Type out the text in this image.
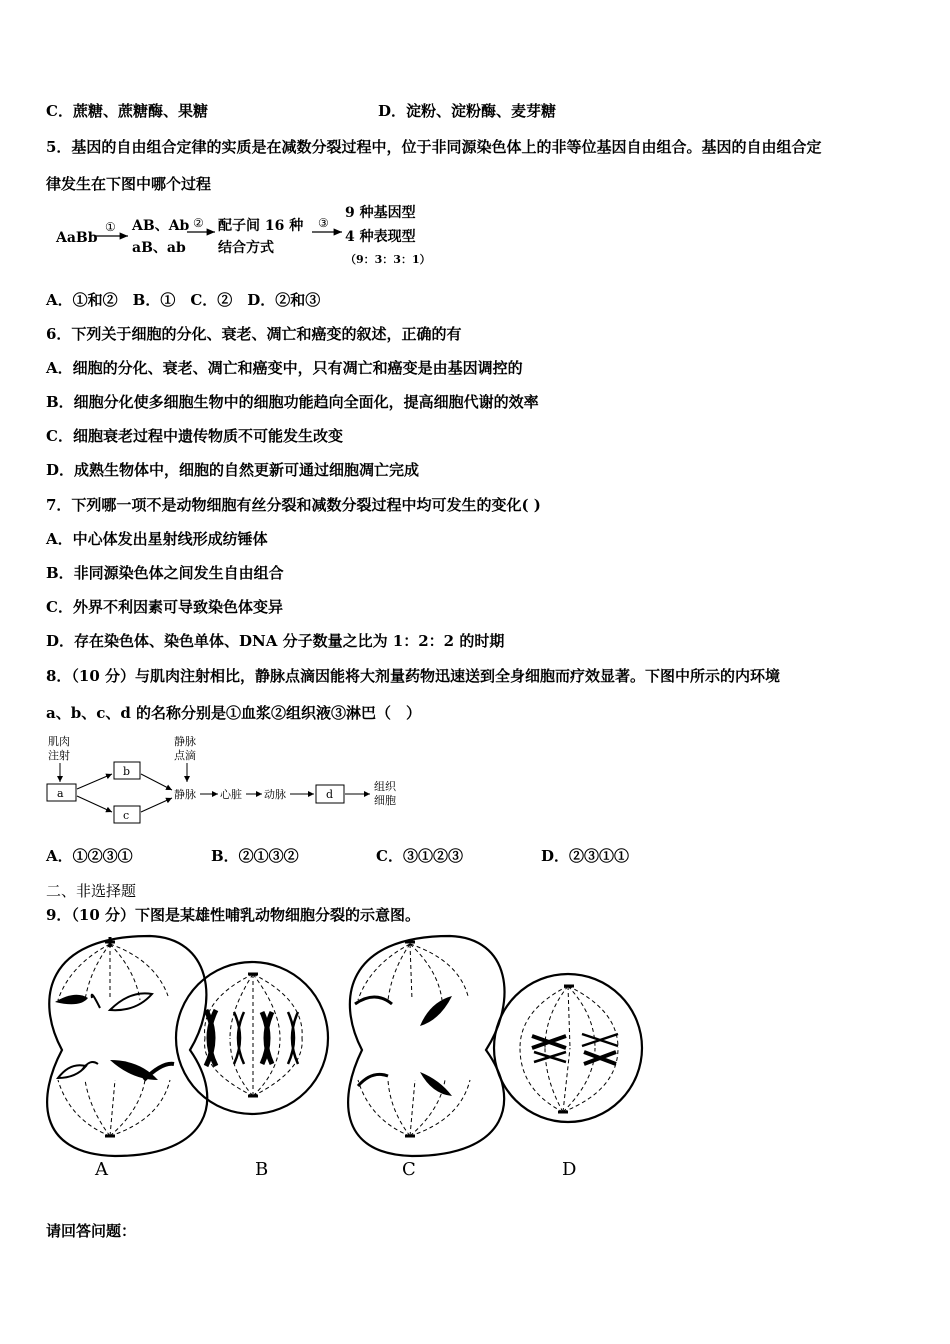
C．蔗糖、蔗糖酶、果糖	D．淀粉、淀粉酶、麦芽糖
5．基因的自由组合定律的实质是在减数分裂过程中，位于非同源染色体上的非等位基因自由组合。基因的自由组合定
律发生在下图中哪个过程
AaBb
① AB、Ab
aB、ab
② 配子间 16 种
结合方式
③
9 种基因型
4 种表现型
（9：3：3：1）
A．①和②　B．①　C．②　D．②和③
6．下列关于细胞的分化、衰老、凋亡和癌变的叙述，正确的有
A．细胞的分化、衰老、凋亡和癌变中，只有凋亡和癌变是由基因调控的
B．细胞分化使多细胞生物中的细胞功能趋向全面化，提高细胞代谢的效率
C．细胞衰老过程中遗传物质不可能发生改变
D．成熟生物体中，细胞的自然更新可通过细胞凋亡完成
7．下列哪一项不是动物细胞有丝分裂和减数分裂过程中均可发生的变化( )
A．中心体发出星射线形成纺锤体
B．非同源染色体之间发生自由组合
C．外界不利因素可导致染色体变异
D．存在染色体、染色单体、DNA 分子数量之比为 1：2：2 的时期
8．（10 分）与肌肉注射相比，静脉点滴因能将大剂量药物迅速送到全身细胞而疗效显著。下图中所示的内环境
a、b、c、d 的名称分别是①血浆②组织液③淋巴（　）
肌肉
注射
a
b
c
静脉
点滴
静脉 心脏 动脉	d
组织
细胞
A．①②③①	B．②①③②	C．③①②③	D．②③①①
二、非选择题
9．（10 分）下图是某雄性哺乳动物细胞分裂的示意图。
A	B	C	D
请回答问题：
